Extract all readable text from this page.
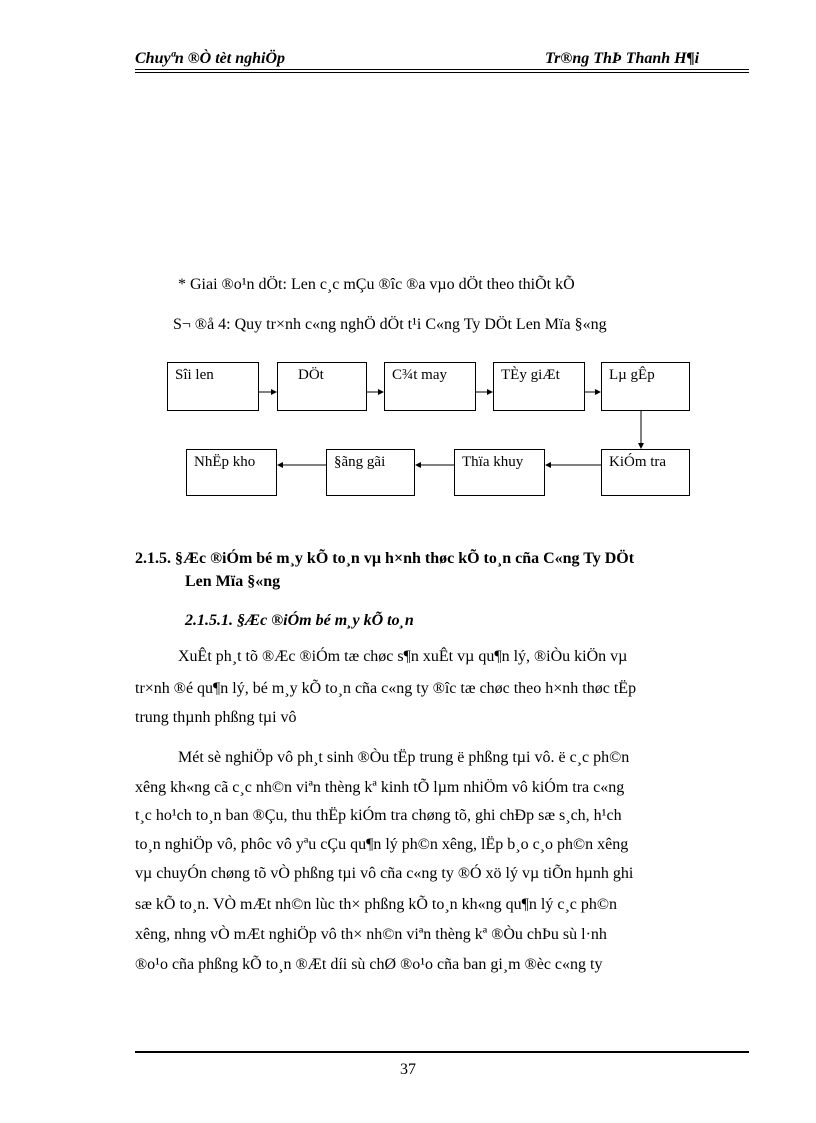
Chuyªn ®Ò tèt nghiÖp	Tr®ng ThÞ Thanh H¶i
* Giai ®o¹n dÖt: Len c¸c mÇu ®îc ®a vµo dÖt theo thiÕt kÕ
S¬ ®å 4: Quy tr×nh c«ng nghÖ dÖt t¹i C«ng Ty DÖt Len Mïa §«ng
Sîi len	DÖt	C¾t may	TÈy giÆt	Lµ gÊp
NhËp kho	§ãng gãi	Thïa khuy	KiÓm tra
2.1.5. §Æc ®iÓm bé m¸y kÕ to¸n vµ h×nh thøc kÕ to¸n cña C«ng Ty DÖt
Len Mïa §«ng
2.1.5.1. §Æc ®iÓm bé m¸y kÕ to¸n
XuÊt ph¸t tõ ®Æc ®iÓm tæ chøc s¶n xuÊt vµ qu¶n lý, ®iÒu kiÖn vµ
tr×nh ®é qu¶n lý, bé m¸y kÕ to¸n cña c«ng ty ®îc tæ chøc theo h×nh thøc tËp
trung thµnh phßng tµi vô
Mét sè nghiÖp vô ph¸t sinh ®Òu tËp trung ë phßng tµi vô. ë c¸c ph©n
xêng kh«ng cã c¸c nh©n viªn thèng kª kinh tÕ lµm nhiÖm vô kiÓm tra c«ng
t¸c ho¹ch to¸n ban ®Çu, thu thËp kiÓm tra chøng tõ, ghi chÐp sæ s¸ch, h¹ch
to¸n nghiÖp vô, phôc vô yªu cÇu qu¶n lý ph©n xêng, lËp b¸o c¸o ph©n xêng
vµ chuyÓn chøng tõ vÒ phßng tµi vô cña c«ng ty ®Ó xö lý vµ tiÕn hµnh ghi
sæ kÕ to¸n. VÒ mÆt nh©n lùc th× phßng kÕ to¸n kh«ng qu¶n lý c¸c ph©n
xêng, nhng vÒ mÆt nghiÖp vô th× nh©n viªn thèng kª ®Òu chÞu sù l·nh
®o¹o cña phßng kÕ to¸n ®Æt díi sù chØ ®o¹o cña ban gi¸m ®èc c«ng ty
37
